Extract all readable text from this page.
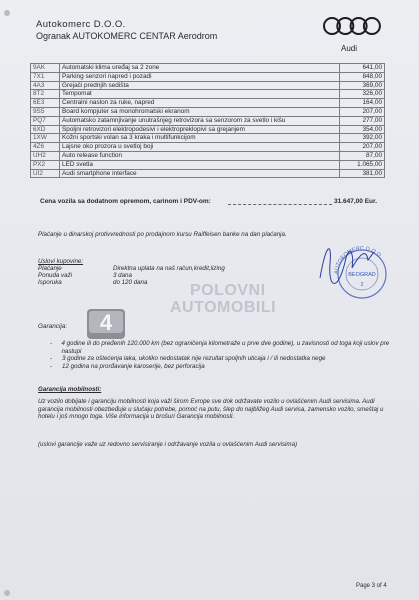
Autokomerc D.O.O.
Ogranak AUTOKOMERC CENTAR Aerodrom
Audi
9AK	Automatski klima uređaj sa 2 zone	641,00
7X1	Parking senzori napred i pozadi	848,00
4A3	Grejači prednjih sedišta	369,00
8T2	Tempomat	326,00
6E3	Centralni naslon za ruke, napred	164,00
9S5	Board kompjuter sa monohromatski ekranom	207,00
PQ7	Automatsko zatamnjivanje unutrašnjeg retrovizora sa senzorom za svetlo i kišu	277,00
6XD	Spoljni retrovizori elektropodesivi i elektropreklopivi sa grejanjem	354,00
1XW	Kožni sportski volan sa 3 kraka i multifunkcijom	392,00
4Z6	Lajsne oko prozora u svetloj boji	207,00
UH2	Auto release function	87,00
PX2	LED svetla	1.065,00
UI2	Audi smartphone interface	381,00
Cena vozila sa dodatnom opremom, carinom i PDV-om:	31.647,00 Eur.
Plaćanje u dinarskoj protivvrednosti po prodajnom kursu Raiffeisen banke na dan plaćanja.
Uslovi kupovine:
Plaćanje	Direktna uplata na naš račun,kredit,lizing
Ponuda važi	3 dana
Isporuka	do 120 dana
AUTOKOMERC D.O.O.
BEOGRAD
2
POLOVNI
AUTOMOBILI
Garancija: 4
-	4 godine ili do pređenih 120.000 km (bez ograničenja kilometraže u prve dve godine), u zavisnosti od toga koji uslov pre nastupi
-	3 godine za oštećenja laka, ukoliko nedostatak nije rezultat spoljnih uticaja i / ili nedostatka nege
-	12 godina na prorđavanje karoserije, bez perforacija
Garancija mobilnosti:
Uz vozilo dobijate i garanciju mobilnosti koja važi širom Evrope sve dok održavate vozilo u ovlašćenim Audi servisima. Audi garancija mobilnosti obezbeđuje u slučaju potrebe, pomoć na putu, šlep do najbližeg Audi servisa, zamensko vozilo, smeštaj u hotelu i još mnogo toga. Više informacija u brošuri Garancija mobilnosti.
(uslovi garancije važe uz redovno servisiranje i održavanje vozila u ovlašćenim Audi servisima)
Page 3 of 4
